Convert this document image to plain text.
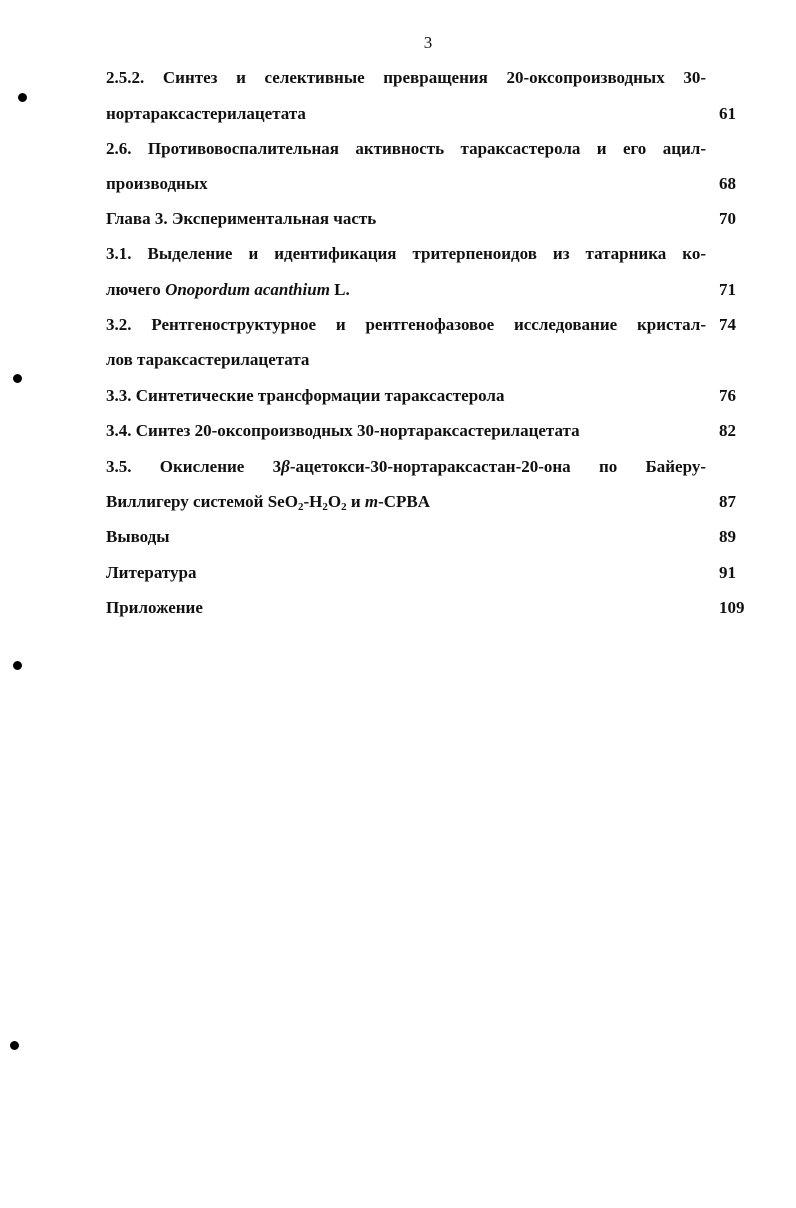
3
2.5.2. Синтез и селективные превращения 20-оксопроизводных 30-
нортараксастерилацетата
2.6. Противовоспалительная активность тараксастерола и его ацил-
производных
Глава 3. Экспериментальная часть
3.1. Выделение и идентификация тритерпеноидов из татарника ко-
лючего Onopordum acanthium L.
3.2. Рентгеноструктурное и рентгенофазовое исследование кристал-
лов тараксастерилацетата
3.3. Синтетические трансформации тараксастерола
3.4. Синтез 20-оксопроизводных 30-нортараксастерилацетата
3.5. Окисление 3β-ацетокси-30-нортараксастан-20-она по Байеру-
Виллигеру системой $SeO_2-H_2O_2$ и m-CPBA
Выводы
Литература
Приложение
61
68
70
71
74
76
82
87
89
91
109
